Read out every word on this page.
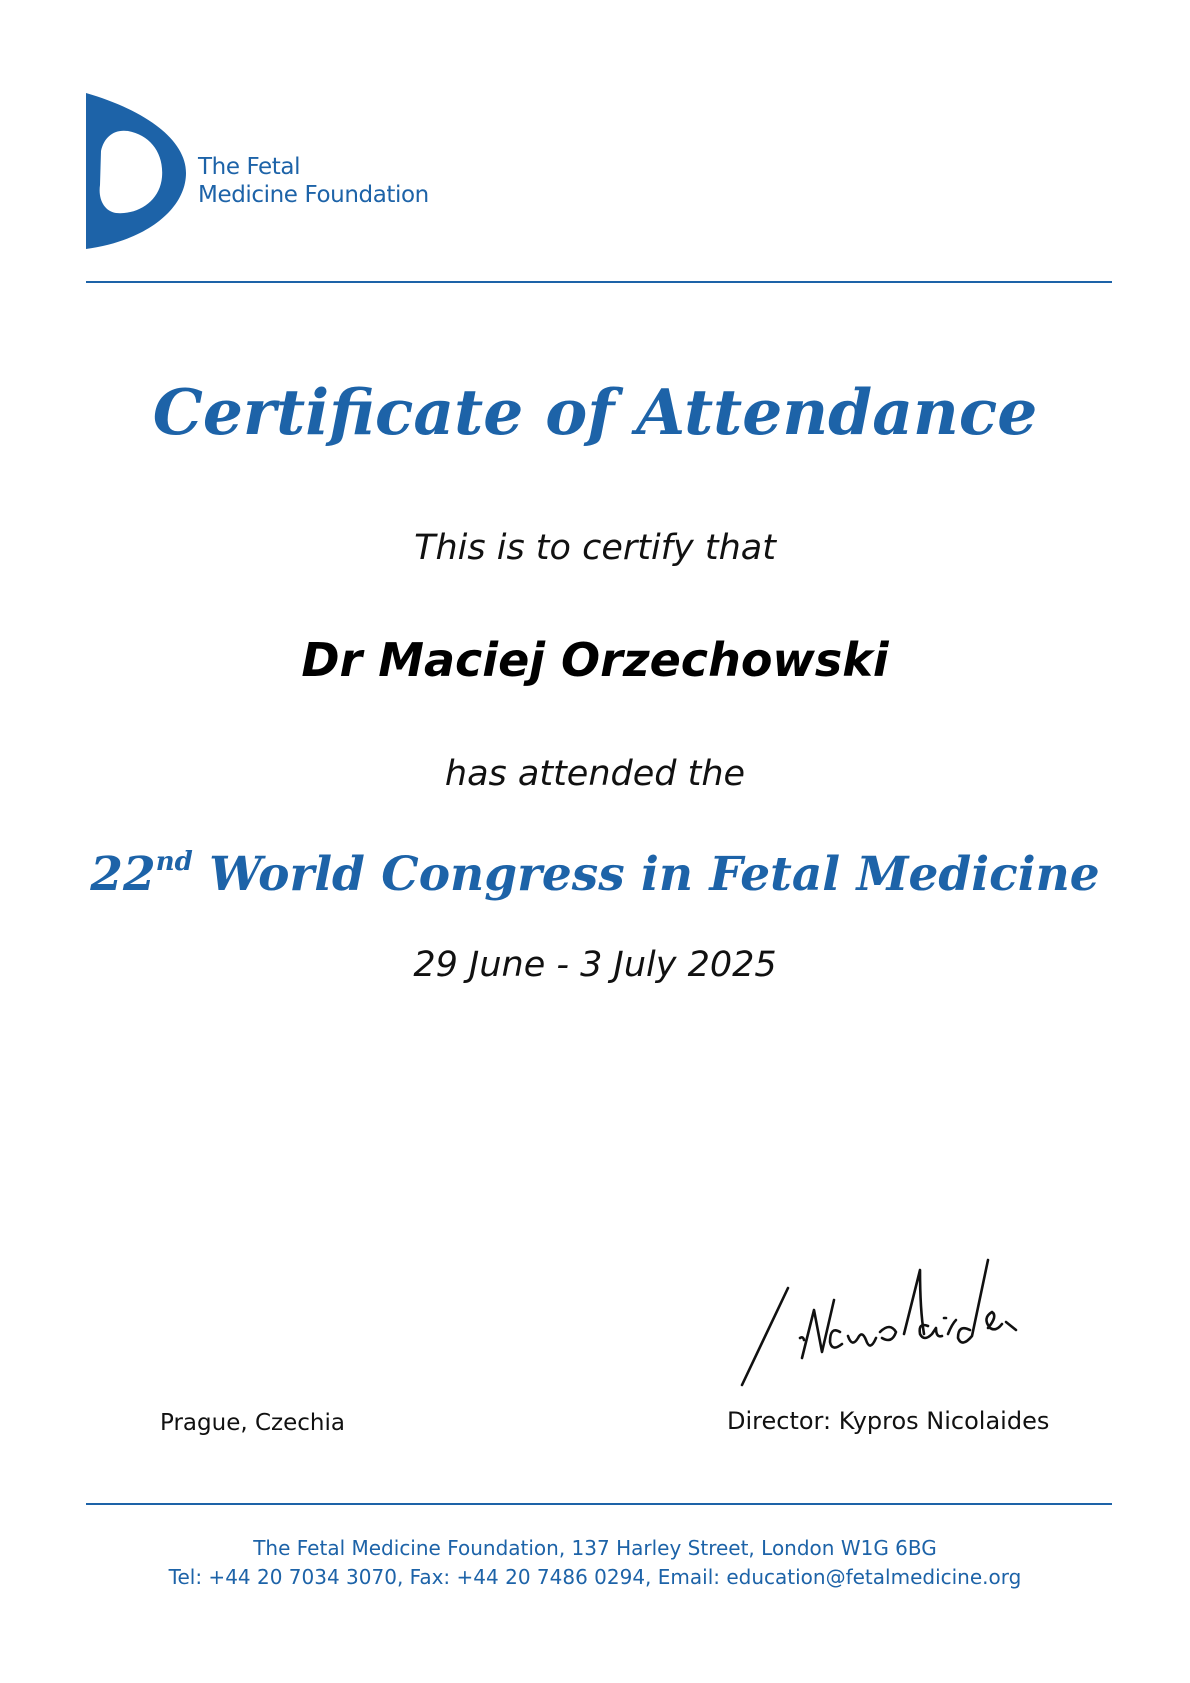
The Fetal
Medicine Foundation
Certificate of Attendance
This is to certify that
Dr Maciej Orzechowski
has attended the
22nd World Congress in Fetal Medicine
29 June - 3 July 2025
Prague, Czechia	Director: Kypros Nicolaides
The Fetal Medicine Foundation, 137 Harley Street, London W1G 6BG
Tel: +44 20 7034 3070, Fax: +44 20 7486 0294, Email: education@fetalmedicine.org
